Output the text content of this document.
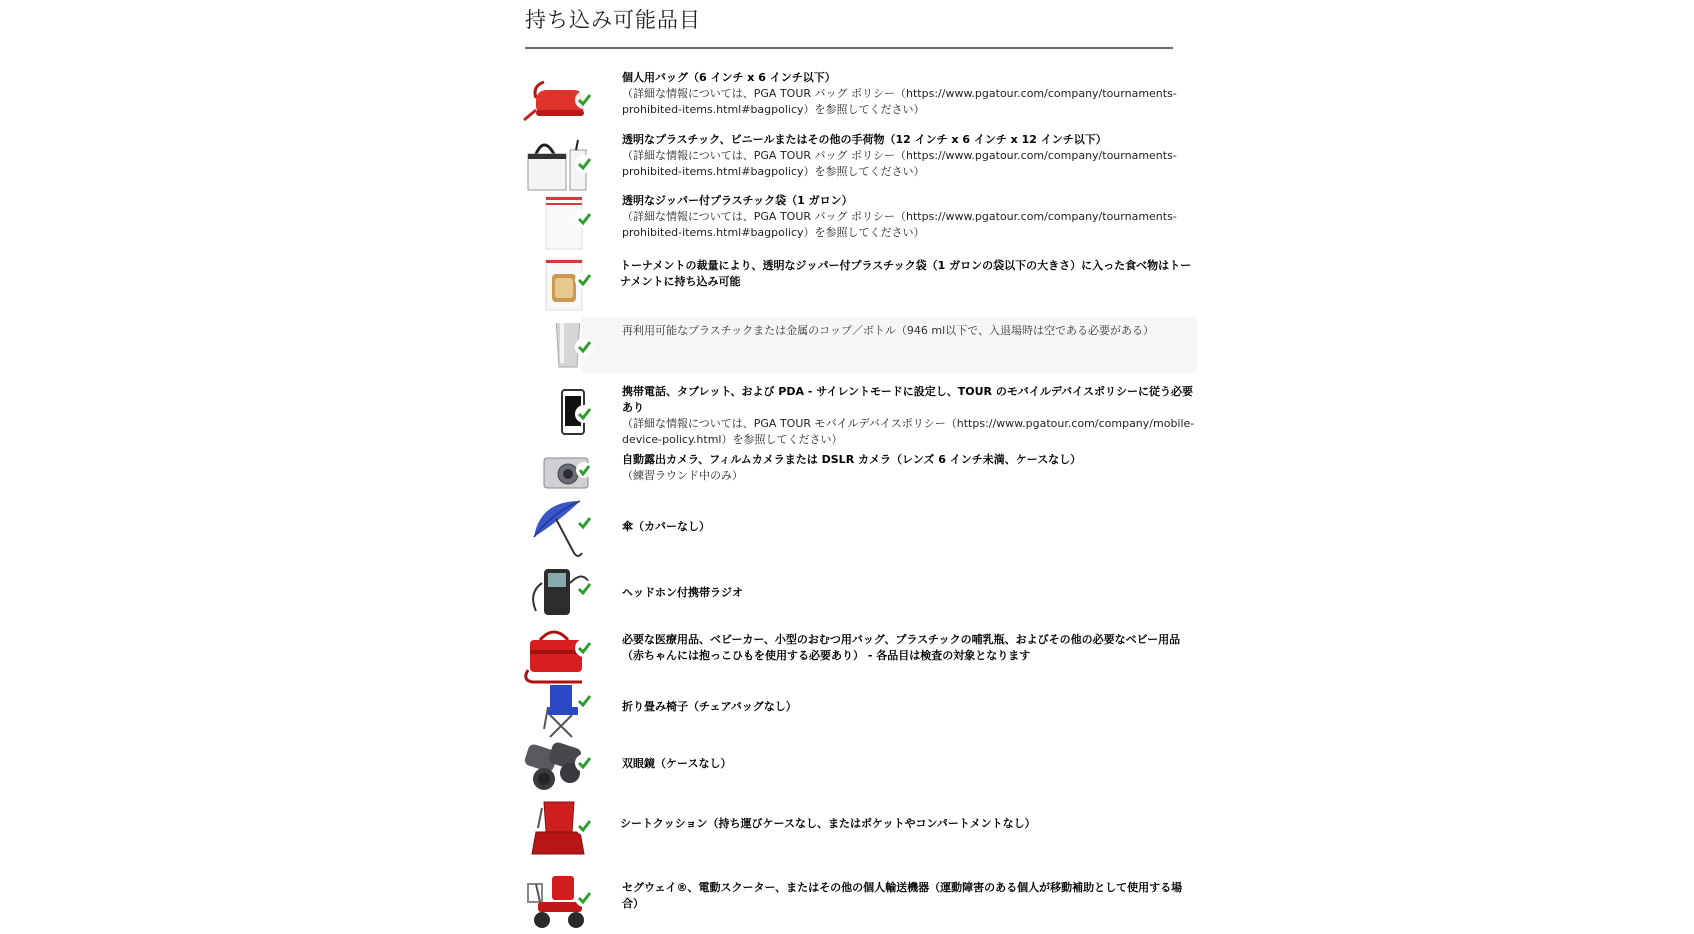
持ち込み可能品目
個人用バッグ（6 インチ x 6 インチ以下）
（詳細な情報については、PGA TOUR バッグ ポリシー（https://www.pgatour.com/company/tournaments-prohibited-items.html#bagpolicy）を参照してください）
透明なプラスチック、ビニールまたはその他の手荷物（12 インチ x 6 インチ x 12 インチ以下）
（詳細な情報については、PGA TOUR バッグ ポリシー（https://www.pgatour.com/company/tournaments-prohibited-items.html#bagpolicy）を参照してください）
透明なジッパー付プラスチック袋（1 ガロン）
（詳細な情報については、PGA TOUR バッグ ポリシー（https://www.pgatour.com/company/tournaments-prohibited-items.html#bagpolicy）を参照してください）
トーナメントの裁量により、透明なジッパー付プラスチック袋（1 ガロンの袋以下の大きさ）に入った食べ物はトーナメントに持ち込み可能
再利用可能なプラスチックまたは金属のコップ／ボトル（946 ml以下で、入退場時は空である必要がある）
携帯電話、タブレット、および PDA - サイレントモードに設定し、TOUR のモバイルデバイスポリシーに従う必要あり
（詳細な情報については、PGA TOUR モバイルデバイスポリシー（https://www.pgatour.com/company/mobile-device-policy.html）を参照してください）
自動露出カメラ、フィルムカメラまたは DSLR カメラ（レンズ 6 インチ未満、ケースなし）
（練習ラウンド中のみ）
傘（カバーなし）
ヘッドホン付携帯ラジオ
必要な医療用品、ベビーカー、小型のおむつ用バッグ、プラスチックの哺乳瓶、およびその他の必要なベビー用品（赤ちゃんには抱っこひもを使用する必要あり） - 各品目は検査の対象となります
折り畳み椅子（チェアバッグなし）
双眼鏡（ケースなし）
シートクッション（持ち運びケースなし、またはポケットやコンパートメントなし）
セグウェイ®、電動スクーター、またはその他の個人輸送機器（運動障害のある個人が移動補助として使用する場合）
